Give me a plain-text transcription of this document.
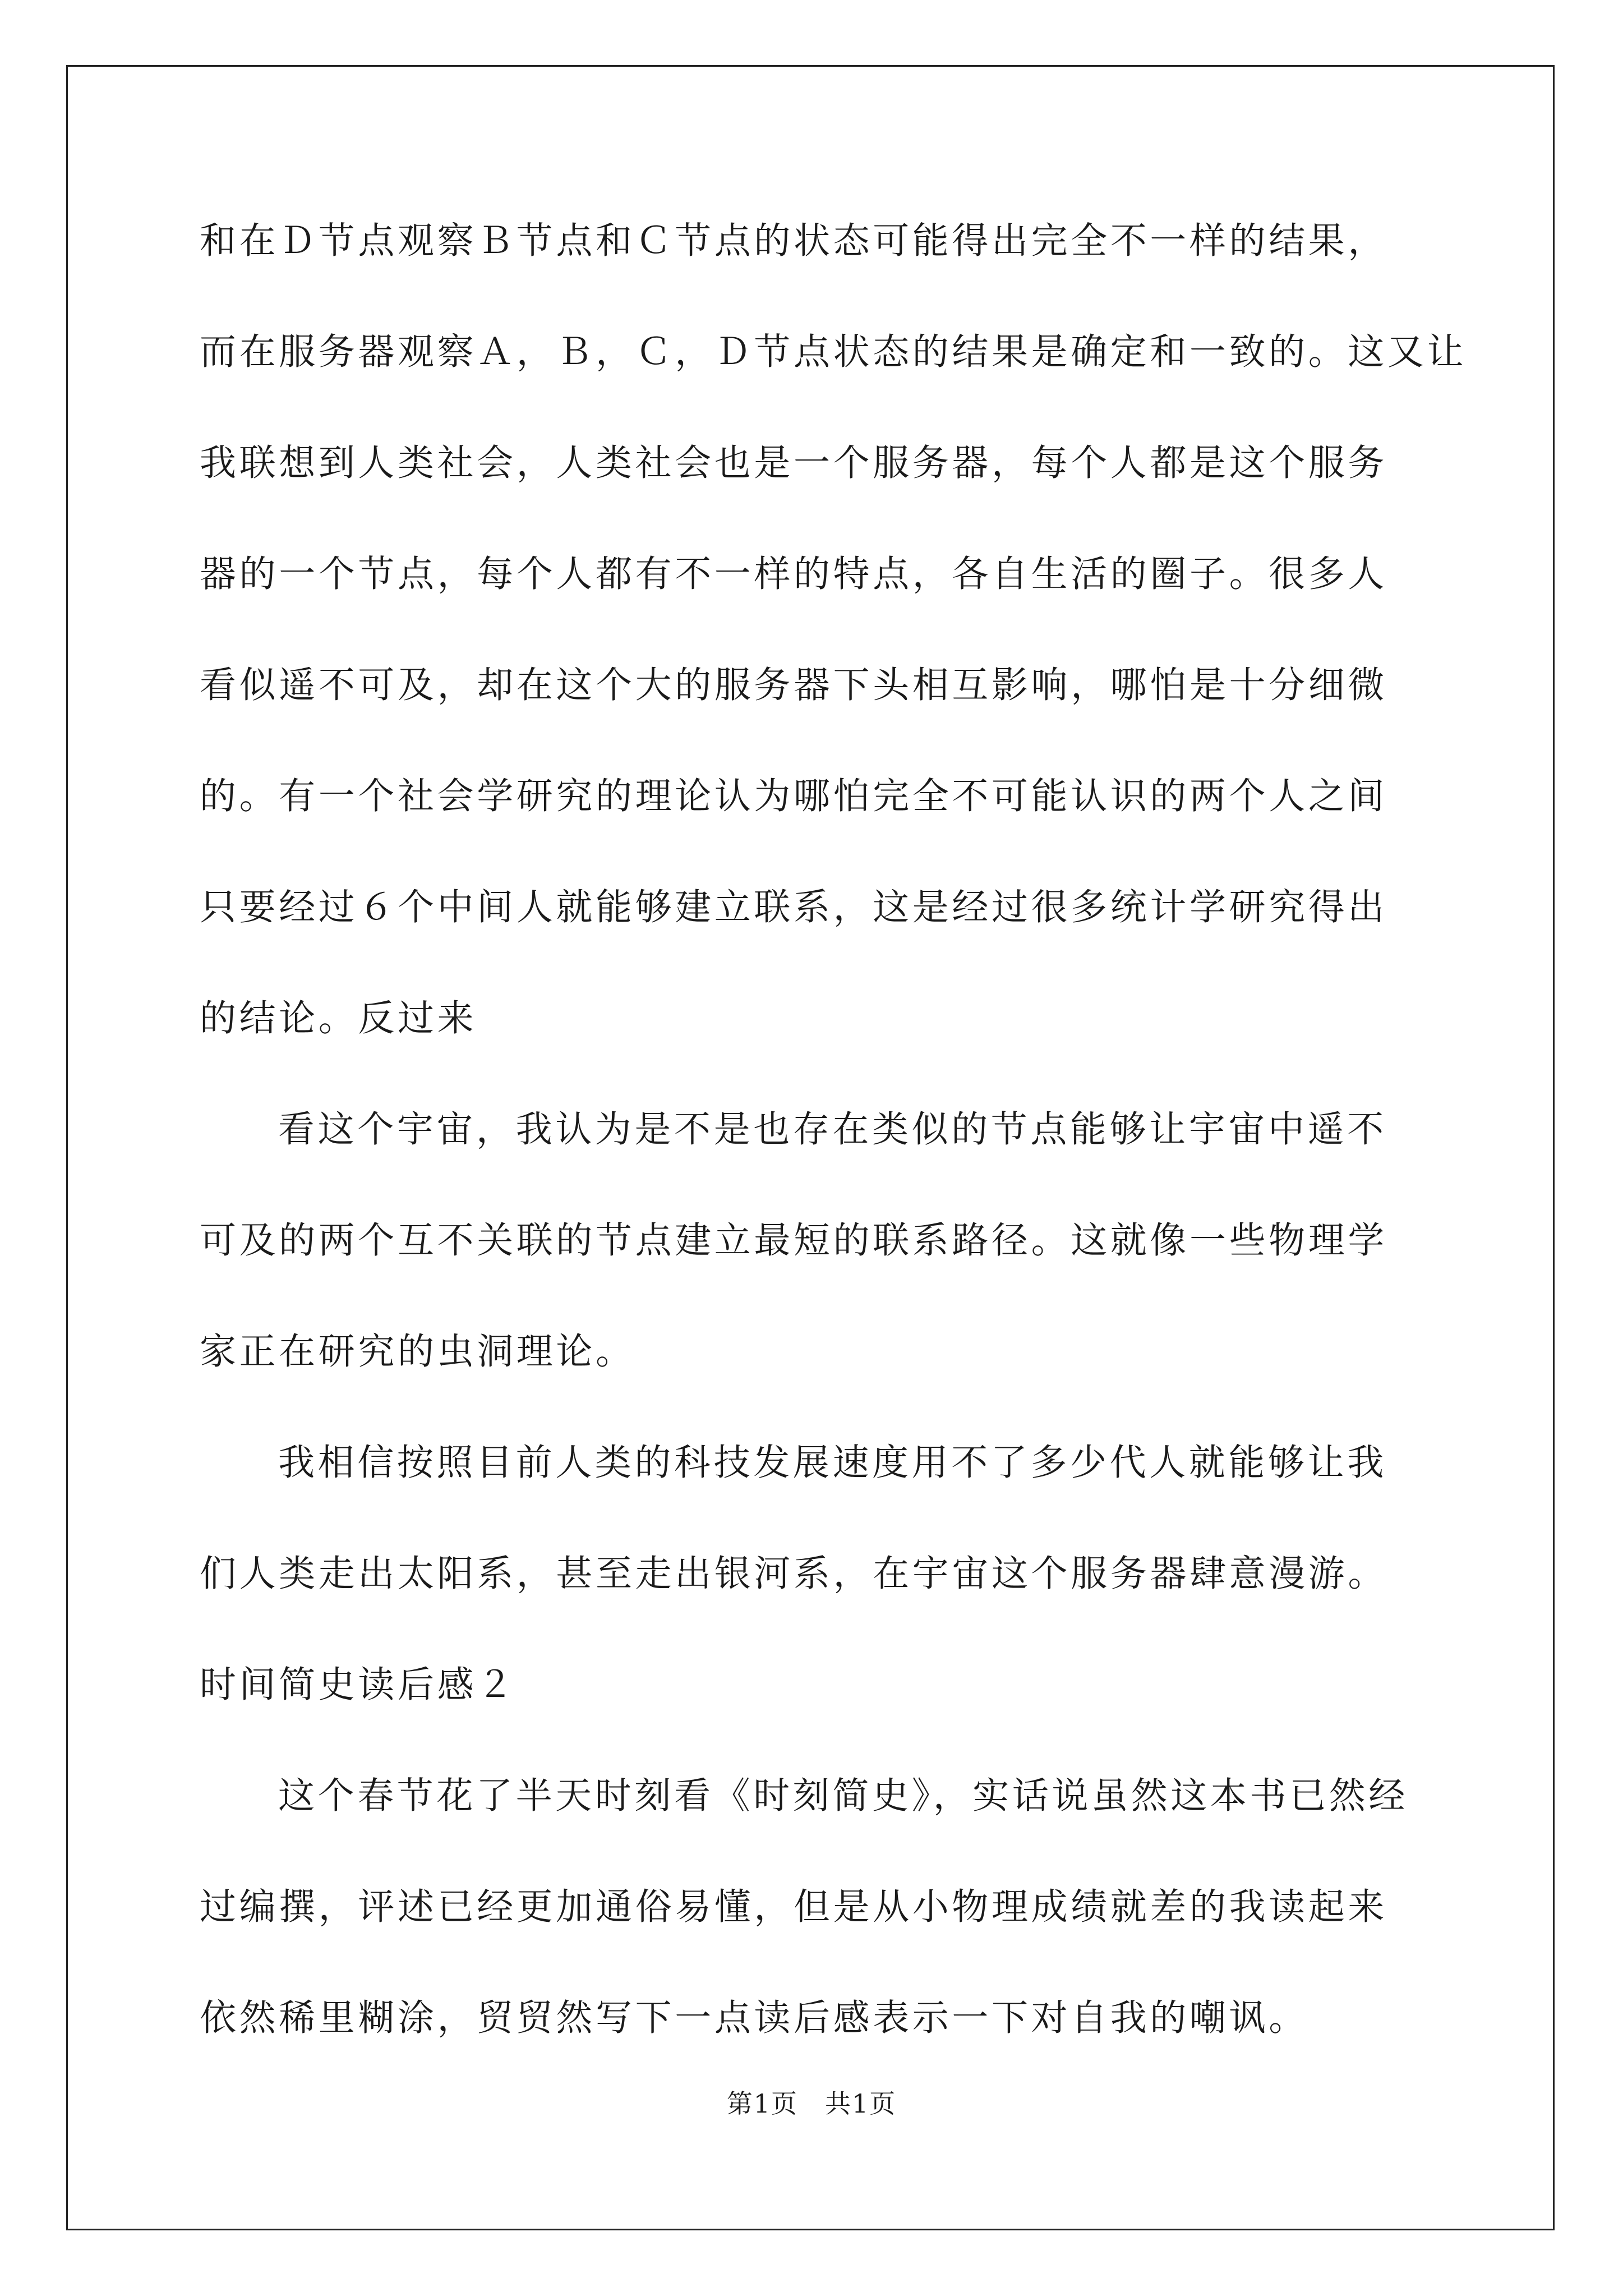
和在Ｄ节点观察Ｂ节点和Ｃ节点的状态可能得出完全不一样的结果，
而在服务器观察Ａ，Ｂ，Ｃ，Ｄ节点状态的结果是确定和一致的。这又让
我联想到人类社会，人类社会也是一个服务器，每个人都是这个服务
器的一个节点，每个人都有不一样的特点，各自生活的圈子。很多人
看似遥不可及，却在这个大的服务器下头相互影响，哪怕是十分细微
的。有一个社会学研究的理论认为哪怕完全不可能认识的两个人之间
只要经过６个中间人就能够建立联系，这是经过很多统计学研究得出
的结论。反过来
看这个宇宙，我认为是不是也存在类似的节点能够让宇宙中遥不
可及的两个互不关联的节点建立最短的联系路径。这就像一些物理学
家正在研究的虫洞理论。
我相信按照目前人类的科技发展速度用不了多少代人就能够让我
们人类走出太阳系，甚至走出银河系，在宇宙这个服务器肆意漫游。
时间简史读后感２
这个春节花了半天时刻看《时刻简史》，实话说虽然这本书已然经
过编撰，评述已经更加通俗易懂，但是从小物理成绩就差的我读起来
依然稀里糊涂，贸贸然写下一点读后感表示一下对自我的嘲讽。
第1页　共1页
